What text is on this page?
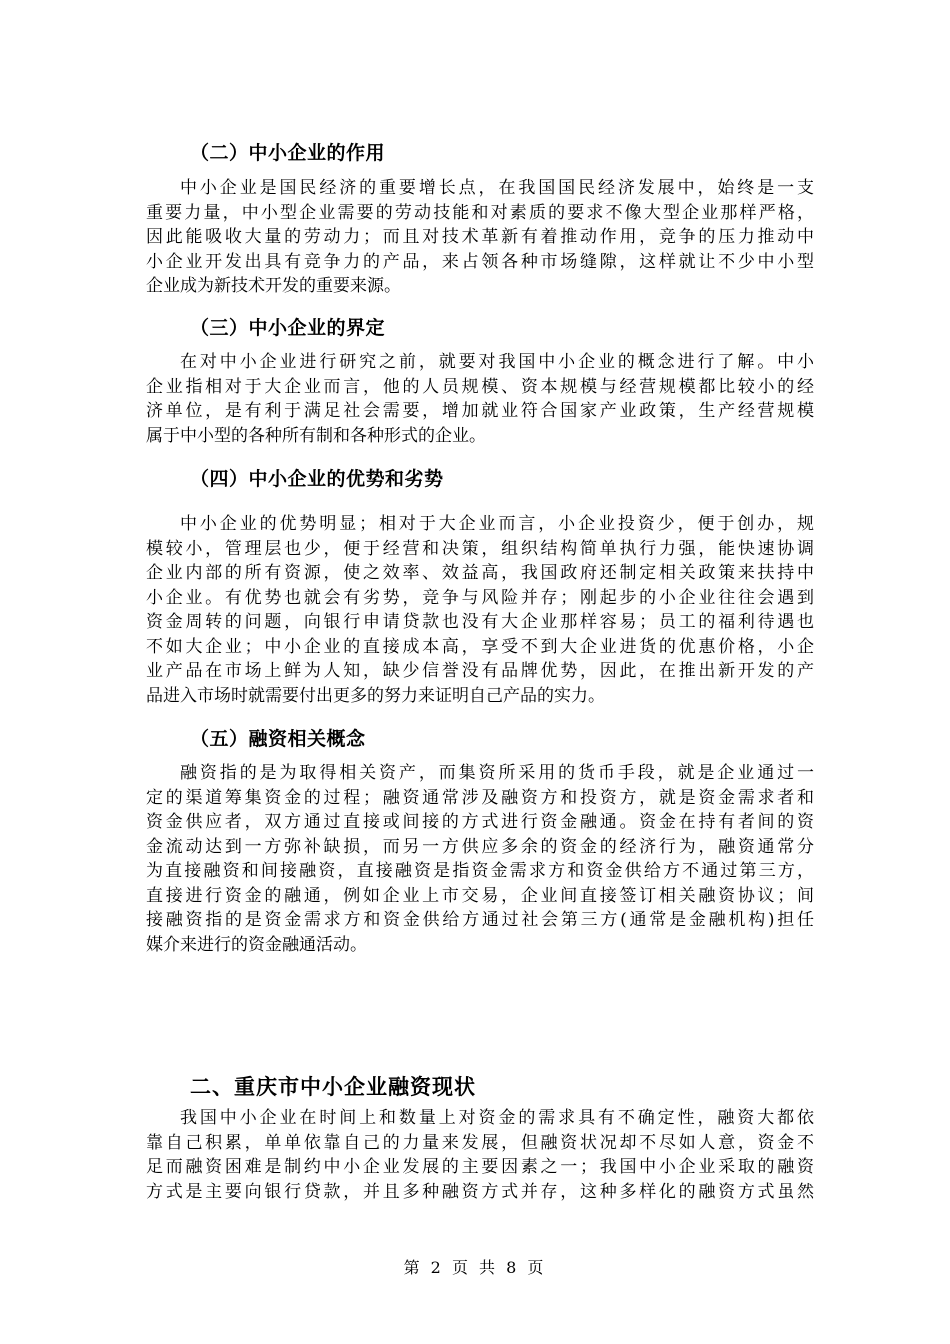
（二）中小企业的作用
中小企业是国民经济的重要增长点，在我国国民经济发展中，始终是一支
重要力量，中小型企业需要的劳动技能和对素质的要求不像大型企业那样严格，
因此能吸收大量的劳动力；而且对技术革新有着推动作用，竞争的压力推动中
小企业开发出具有竞争力的产品，来占领各种市场缝隙，这样就让不少中小型
企业成为新技术开发的重要来源。
（三）中小企业的界定
在对中小企业进行研究之前，就要对我国中小企业的概念进行了解。中小
企业指相对于大企业而言，他的人员规模、资本规模与经营规模都比较小的经
济单位，是有利于满足社会需要，增加就业符合国家产业政策，生产经营规模
属于中小型的各种所有制和各种形式的企业。
（四）中小企业的优势和劣势
中小企业的优势明显；相对于大企业而言，小企业投资少，便于创办，规
模较小，管理层也少，便于经营和决策，组织结构简单执行力强，能快速协调
企业内部的所有资源，使之效率、效益高，我国政府还制定相关政策来扶持中
小企业。有优势也就会有劣势，竞争与风险并存；刚起步的小企业往往会遇到
资金周转的问题，向银行申请贷款也没有大企业那样容易；员工的福利待遇也
不如大企业；中小企业的直接成本高，享受不到大企业进货的优惠价格，小企
业产品在市场上鲜为人知，缺少信誉没有品牌优势，因此，在推出新开发的产
品进入市场时就需要付出更多的努力来证明自己产品的实力。
（五）融资相关概念
融资指的是为取得相关资产，而集资所采用的货币手段，就是企业通过一
定的渠道筹集资金的过程；融资通常涉及融资方和投资方，就是资金需求者和
资金供应者，双方通过直接或间接的方式进行资金融通。资金在持有者间的资
金流动达到一方弥补缺损，而另一方供应多余的资金的经济行为，融资通常分
为直接融资和间接融资，直接融资是指资金需求方和资金供给方不通过第三方，
直接进行资金的融通，例如企业上市交易，企业间直接签订相关融资协议；间
接融资指的是资金需求方和资金供给方通过社会第三方(通常是金融机构)担任
媒介来进行的资金融通活动。
二、重庆市中小企业融资现状
我国中小企业在时间上和数量上对资金的需求具有不确定性，融资大都依
靠自己积累，单单依靠自己的力量来发展，但融资状况却不尽如人意，资金不
足而融资困难是制约中小企业发展的主要因素之一；我国中小企业采取的融资
方式是主要向银行贷款，并且多种融资方式并存，这种多样化的融资方式虽然
第 2 页 共 8 页
